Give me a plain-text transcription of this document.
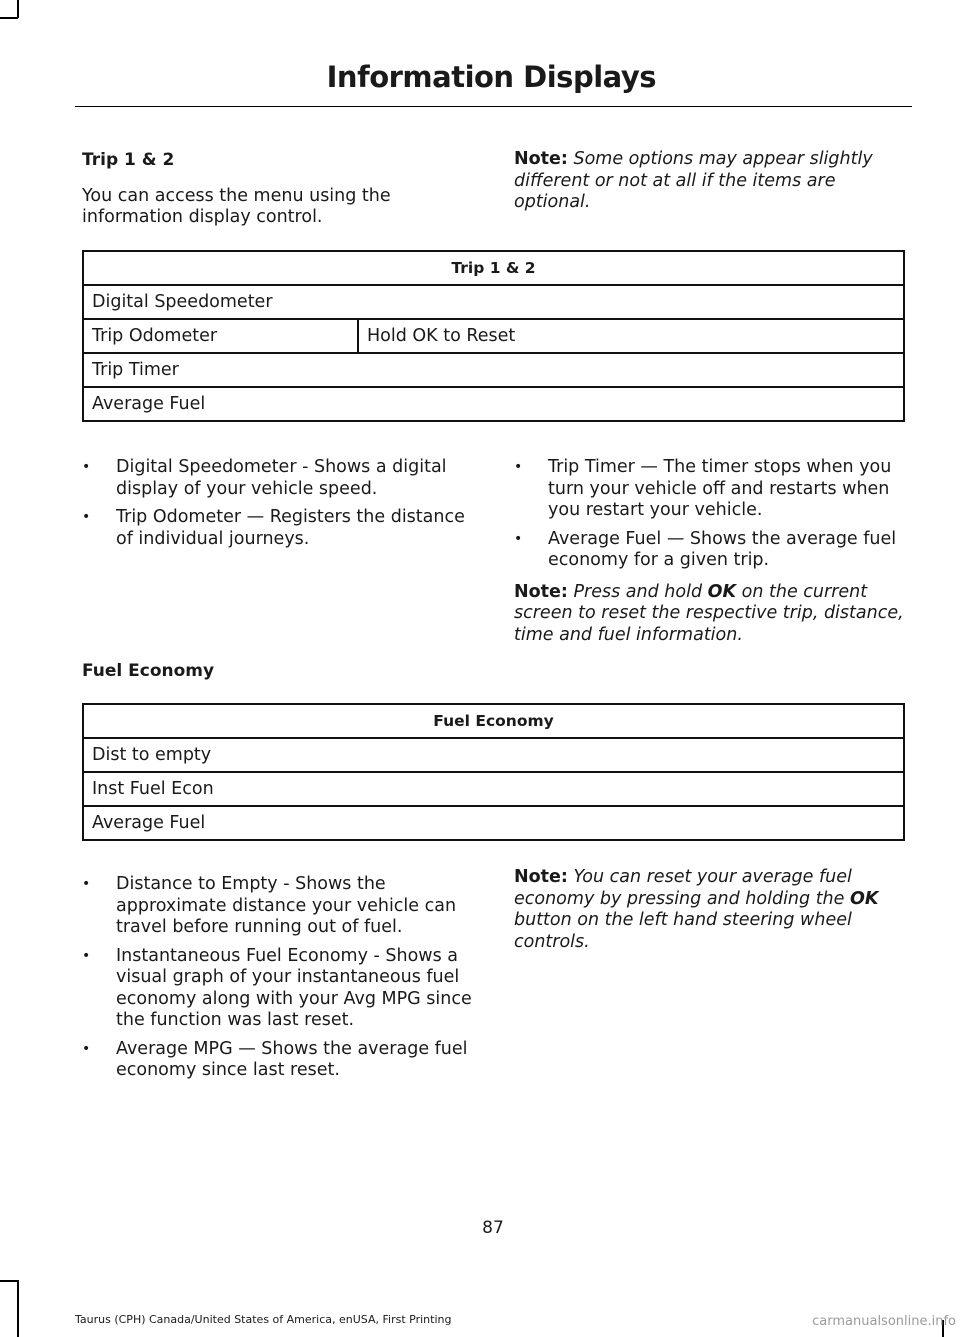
Information Displays

Trip 1 & 2

You can access the menu using the information display control.

Note: Some options may appear slightly different or not at all if the items are optional.

Trip 1 & 2
Digital Speedometer
Trip Odometer	Hold OK to Reset
Trip Timer
Average Fuel
• Digital Speedometer - Shows a digital display of your vehicle speed.
• Trip Odometer — Registers the distance of individual journeys.
• Trip Timer — The timer stops when you turn your vehicle off and restarts when you restart your vehicle.
• Average Fuel — Shows the average fuel economy for a given trip.

Note: Press and hold OK on the current screen to reset the respective trip, distance, time and fuel information.

Fuel Economy
Fuel Economy
Dist to empty
Inst Fuel Econ
Average Fuel
• Distance to Empty - Shows the approximate distance your vehicle can travel before running out of fuel.
• Instantaneous Fuel Economy - Shows a visual graph of your instantaneous fuel economy along with your Avg MPG since the function was last reset.
• Average MPG — Shows the average fuel economy since last reset.

Note: You can reset your average fuel economy by pressing and holding the OK button on the left hand steering wheel controls.

87
Taurus (CPH) Canada/United States of America, enUSA, First Printing	carmanualsonline.info
